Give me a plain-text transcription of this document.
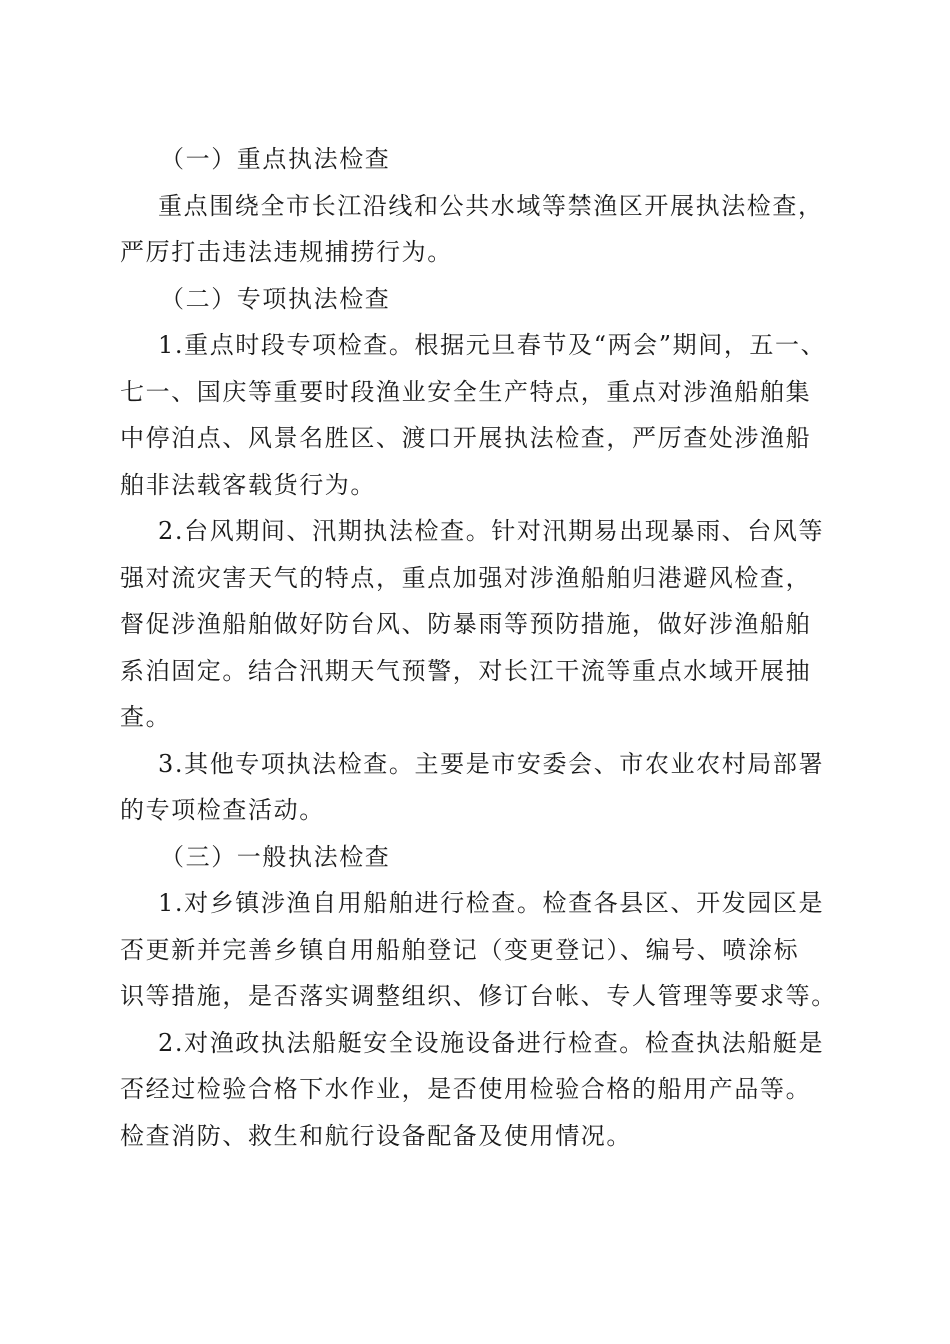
（一）重点执法检查
重点围绕全市长江沿线和公共水域等禁渔区开展执法检查，
严厉打击违法违规捕捞行为。
（二）专项执法检查
1.重点时段专项检查。根据元旦春节及“两会”期间，五一、
七一、国庆等重要时段渔业安全生产特点，重点对涉渔船舶集
中停泊点、风景名胜区、渡口开展执法检查，严厉查处涉渔船
舶非法载客载货行为。
2.台风期间、汛期执法检查。针对汛期易出现暴雨、台风等
强对流灾害天气的特点，重点加强对涉渔船舶归港避风检查，
督促涉渔船舶做好防台风、防暴雨等预防措施，做好涉渔船舶
系泊固定。结合汛期天气预警，对长江干流等重点水域开展抽
查。
3.其他专项执法检查。主要是市安委会、市农业农村局部署
的专项检查活动。
（三）一般执法检查
1.对乡镇涉渔自用船舶进行检查。检查各县区、开发园区是
否更新并完善乡镇自用船舶登记（变更登记）、编号、喷涂标
识等措施，是否落实调整组织、修订台帐、专人管理等要求等。
2.对渔政执法船艇安全设施设备进行检查。检查执法船艇是
否经过检验合格下水作业，是否使用检验合格的船用产品等。
检查消防、救生和航行设备配备及使用情况。
